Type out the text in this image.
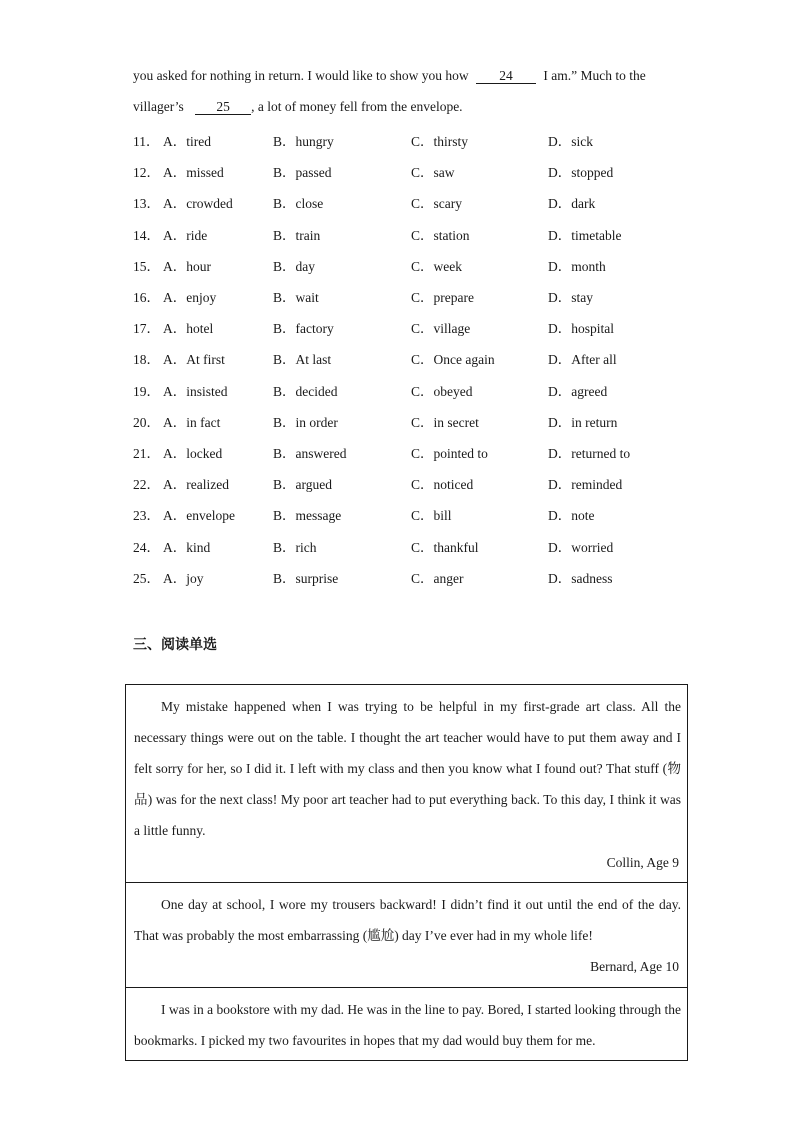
you asked for nothing in return. I would like to show you how 24 I am.” Much to the
villager’s 25 , a lot of money fell from the envelope.
11． A．tired	B．hungry	C．thirsty	D．sick
12． A．missed	B．passed	C．saw	D．stopped
13． A．crowded	B．close	C．scary	D．dark
14． A．ride	B．train	C．station	D．timetable
15． A．hour	B．day	C．week	D．month
16． A．enjoy	B．wait	C．prepare	D．stay
17． A．hotel	B．factory	C．village	D．hospital
18． A．At first	B．At last	C．Once again	D．After all
19． A．insisted	B．decided	C．obeyed	D．agreed
20． A．in fact	B．in order	C．in secret	D．in return
21． A．locked	B．answered	C．pointed to	D．returned to
22． A．realized	B．argued	C．noticed	D．reminded
23． A．envelope	B．message	C．bill	D．note
24． A．kind	B．rich	C．thankful	D．worried
25． A．joy	B．surprise	C．anger	D．sadness
三、阅读单选
My mistake happened when I was trying to be helpful in my first-grade art class. All the necessary things were out on the table. I thought the art teacher would have to put them away and I felt sorry for her, so I did it. I left with my class and then you know what I found out? That stuff (物品) was for the next class! My poor art teacher had to put everything back. To this day, I think it was a little funny.
Collin, Age 9
One day at school, I wore my trousers backward! I didn’t find it out until the end of the day. That was probably the most embarrassing (尴尬) day I’ve ever had in my whole life!
Bernard, Age 10
I was in a bookstore with my dad. He was in the line to pay. Bored, I started looking through the bookmarks. I picked my two favourites in hopes that my dad would buy them for me.
